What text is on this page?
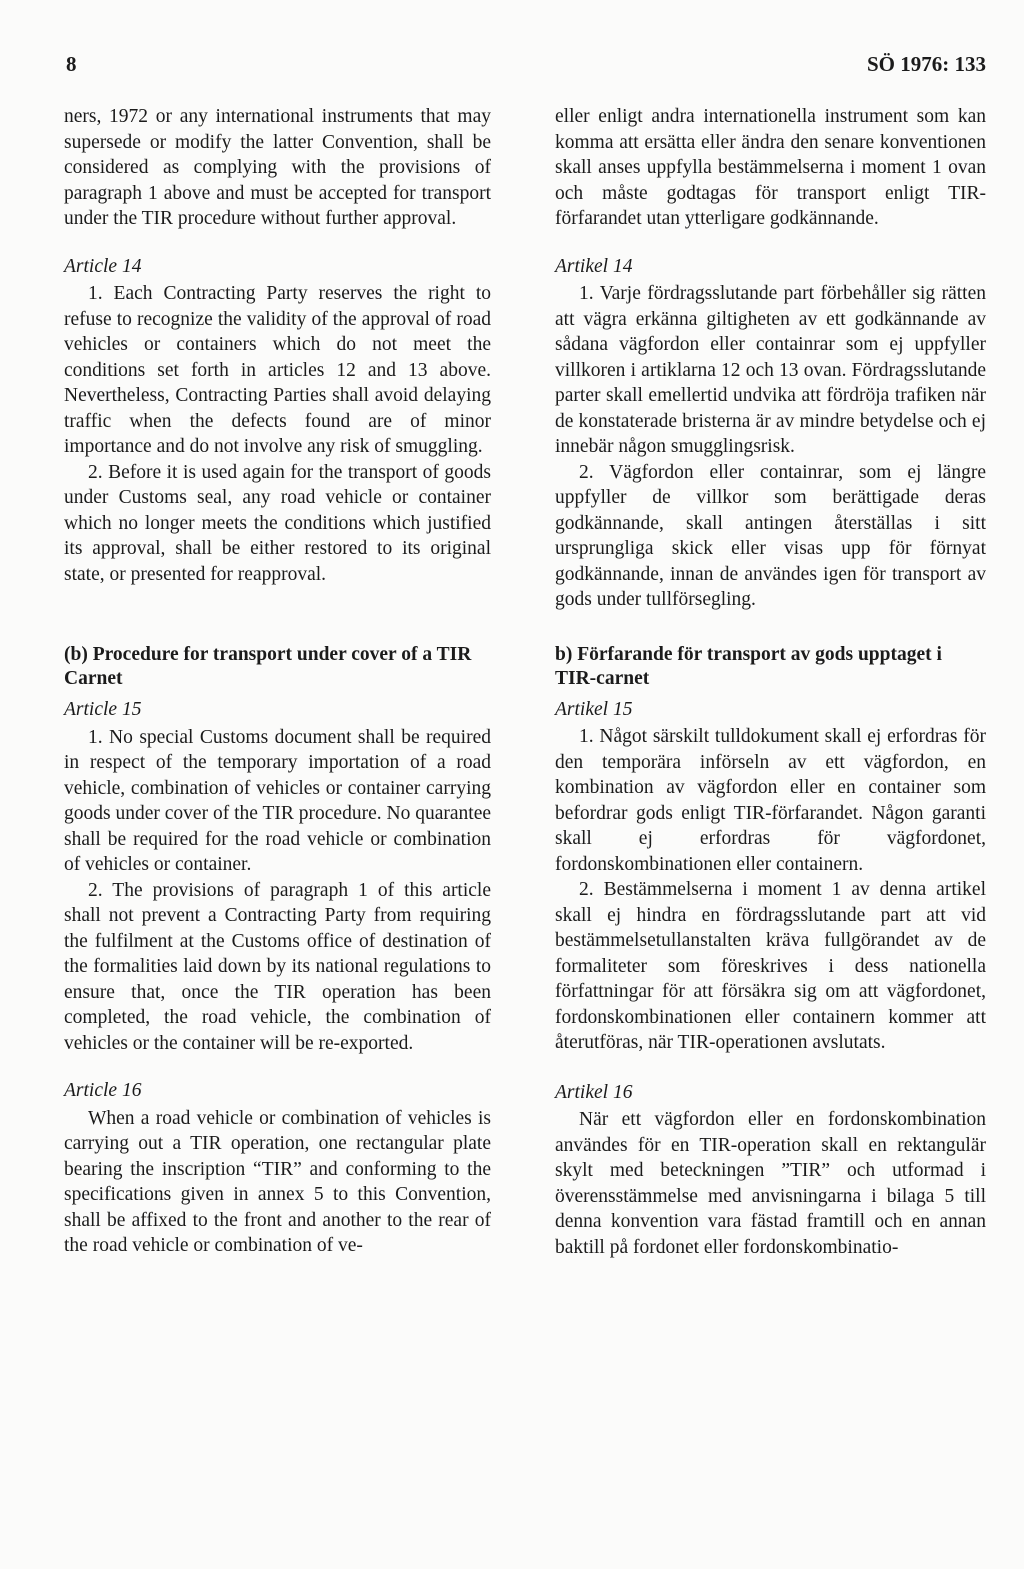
8	SÖ 1976: 133

ners, 1972 or any international instruments that may supersede or modify the latter Convention, shall be considered as complying with the provisions of paragraph 1 above and must be accepted for transport under the TIR procedure without further approval.

Article 14

1. Each Contracting Party reserves the right to refuse to recognize the validity of the approval of road vehicles or containers which do not meet the conditions set forth in articles 12 and 13 above. Nevertheless, Contracting Parties shall avoid delaying traffic when the defects found are of minor importance and do not involve any risk of smuggling.

2. Before it is used again for the transport of goods under Customs seal, any road vehicle or container which no longer meets the conditions which justified its approval, shall be either restored to its original state, or presented for reapproval.

(b) Procedure for transport under cover of a TIR Carnet
Article 15

1. No special Customs document shall be required in respect of the temporary importation of a road vehicle, combination of vehicles or container carrying goods under cover of the TIR procedure. No quarantee shall be required for the road vehicle or combination of vehicles or container.

2. The provisions of paragraph 1 of this article shall not prevent a Contracting Party from requiring the fulfilment at the Customs office of destination of the formalities laid down by its national regulations to ensure that, once the TIR operation has been completed, the road vehicle, the combination of vehicles or the container will be re-exported.

Article 16

When a road vehicle or combination of vehicles is carrying out a TIR operation, one rectangular plate bearing the inscription “TIR” and conforming to the specifications given in annex 5 to this Convention, shall be affixed to the front and another to the rear of the road vehicle or combination of ve-

eller enligt andra internationella instrument som kan komma att ersätta eller ändra den senare konventionen skall anses uppfylla bestämmelserna i moment 1 ovan och måste godtagas för transport enligt TIR-förfarandet utan ytterligare godkännande.

Artikel 14

1. Varje fördragsslutande part förbehåller sig rätten att vägra erkänna giltigheten av ett godkännande av sådana vägfordon eller containrar som ej uppfyller villkoren i artiklarna 12 och 13 ovan. Fördragsslutande parter skall emellertid undvika att fördröja trafiken när de konstaterade bristerna är av mindre betydelse och ej innebär någon smugglingsrisk.

2. Vägfordon eller containrar, som ej längre uppfyller de villkor som berättigade deras godkännande, skall antingen återställas i sitt ursprungliga skick eller visas upp för förnyat godkännande, innan de användes igen för transport av gods under tullförsegling.

b) Förfarande för transport av gods upptaget i TIR-carnet
Artikel 15

1. Något särskilt tulldokument skall ej erfordras för den temporära införseln av ett vägfordon, en kombination av vägfordon eller en container som befordrar gods enligt TIR-förfarandet. Någon garanti skall ej erfordras för vägfordonet, fordonskombinationen eller containern.

2. Bestämmelserna i moment 1 av denna artikel skall ej hindra en fördragsslutande part att vid bestämmelsetullanstalten kräva fullgörandet av de formaliteter som föreskrives i dess nationella författningar för att försäkra sig om att vägfordonet, fordonskombinationen eller containern kommer att återutföras, när TIR-operationen avslutats.

Artikel 16

När ett vägfordon eller en fordonskombination användes för en TIR-operation skall en rektangulär skylt med beteckningen ”TIR” och utformad i överensstämmelse med anvisningarna i bilaga 5 till denna konvention vara fästad framtill och en annan baktill på fordonet eller fordonskombinatio-
